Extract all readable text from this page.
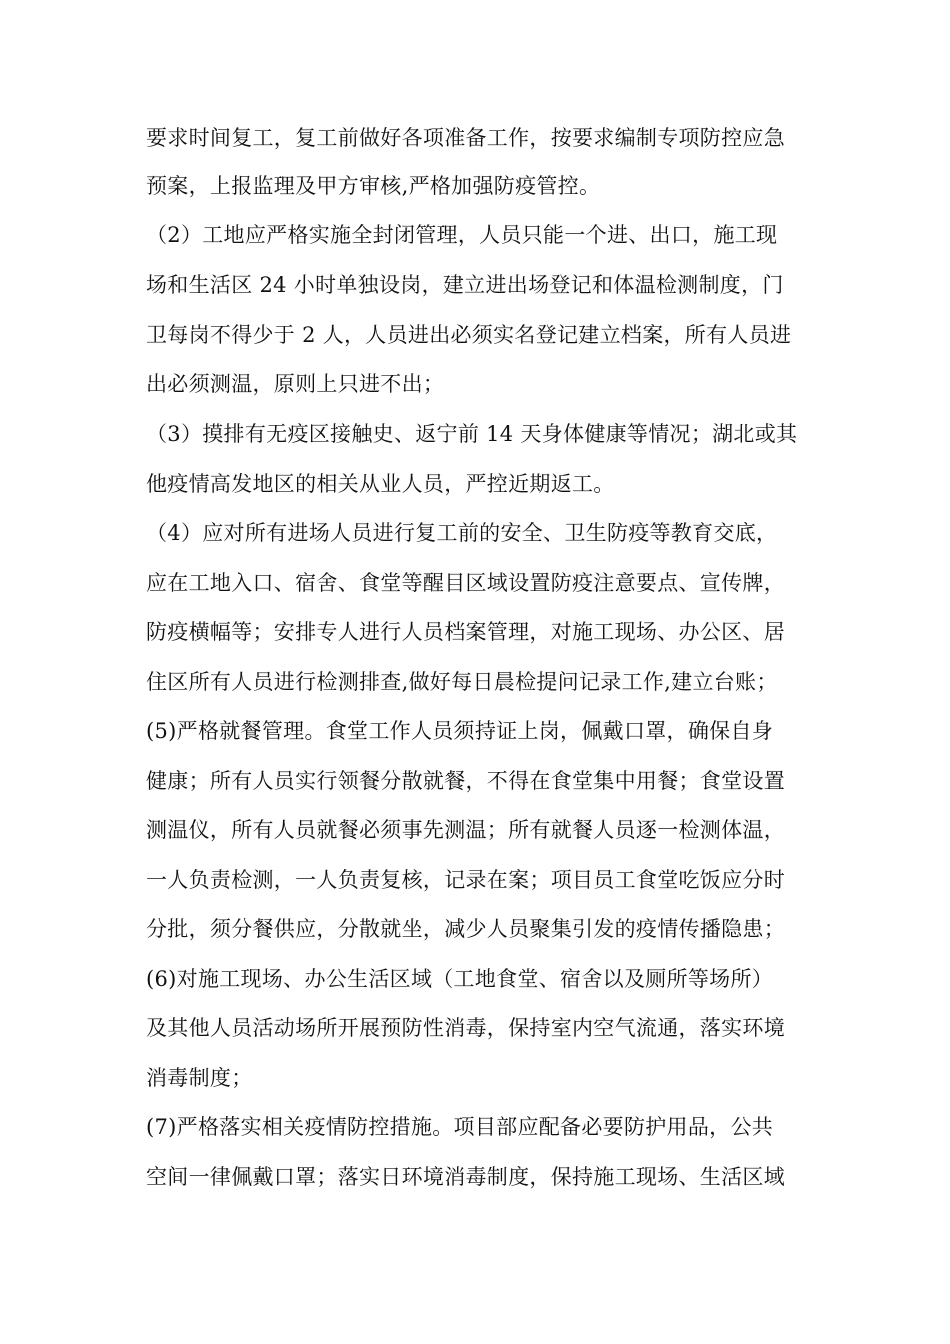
要求时间复工，复工前做好各项准备工作，按要求编制专项防控应急
预案，上报监理及甲方审核,严格加强防疫管控。
（2）工地应严格实施全封闭管理，人员只能一个进、出口，施工现
场和生活区 24 小时单独设岗，建立进出场登记和体温检测制度，门
卫每岗不得少于 2 人，人员进出必须实名登记建立档案，所有人员进
出必须测温，原则上只进不出；
（3）摸排有无疫区接触史、返宁前 14 天身体健康等情况；湖北或其
他疫情高发地区的相关从业人员，严控近期返工。
（4）应对所有进场人员进行复工前的安全、卫生防疫等教育交底，
应在工地入口、宿舍、食堂等醒目区域设置防疫注意要点、宣传牌，
防疫横幅等；安排专人进行人员档案管理，对施工现场、办公区、居
住区所有人员进行检测排查,做好每日晨检提问记录工作,建立台账；
(5)严格就餐管理。食堂工作人员须持证上岗，佩戴口罩，确保自身
健康；所有人员实行领餐分散就餐，不得在食堂集中用餐；食堂设置
测温仪，所有人员就餐必须事先测温；所有就餐人员逐一检测体温，
一人负责检测，一人负责复核，记录在案；项目员工食堂吃饭应分时
分批，须分餐供应，分散就坐，减少人员聚集引发的疫情传播隐患；
(6)对施工现场、办公生活区域（工地食堂、宿舍以及厕所等场所）
及其他人员活动场所开展预防性消毒，保持室内空气流通，落实环境
消毒制度；
(7)严格落实相关疫情防控措施。项目部应配备必要防护用品，公共
空间一律佩戴口罩；落实日环境消毒制度，保持施工现场、生活区域
